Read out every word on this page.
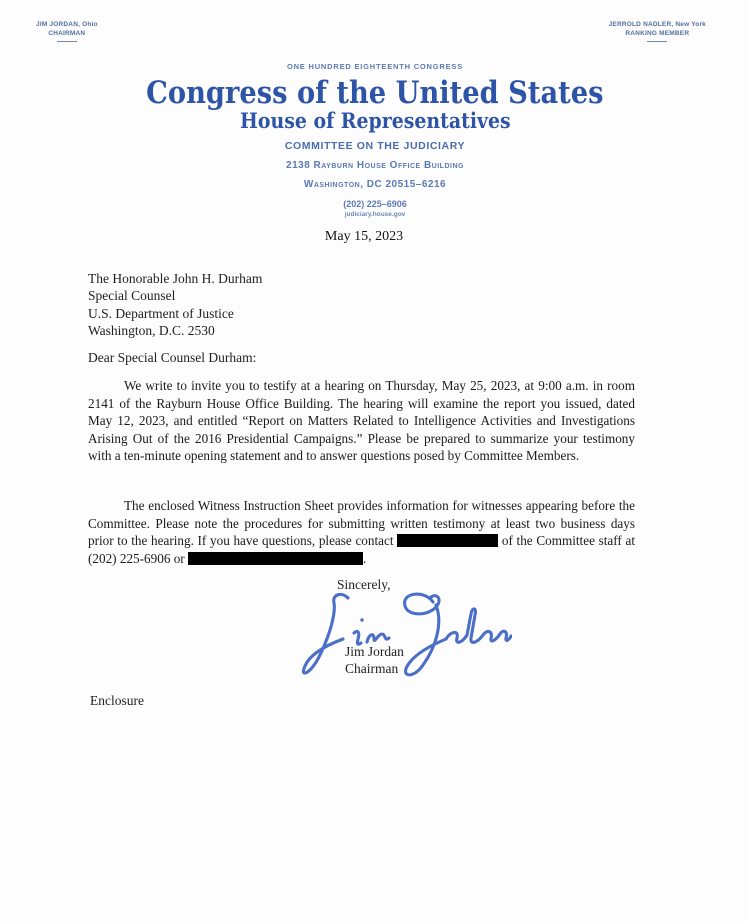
JIM JORDAN, Ohio
CHAIRMAN
JERROLD NADLER, New York
RANKING MEMBER
ONE HUNDRED EIGHTEENTH CONGRESS
Congress of the United States
House of Representatives
COMMITTEE ON THE JUDICIARY
2138 Rayburn House Office Building
Washington, DC 20515–6216
(202) 225–6906
judiciary.house.gov
May 15, 2023
The Honorable John H. Durham
Special Counsel
U.S. Department of Justice
Washington, D.C. 2530
Dear Special Counsel Durham:

We write to invite you to testify at a hearing on Thursday, May 25, 2023, at 9:00 a.m. in room 2141 of the Rayburn House Office Building. The hearing will examine the report you issued, dated May 12, 2023, and entitled “Report on Matters Related to Intelligence Activities and Investigations Arising Out of the 2016 Presidential Campaigns.” Please be prepared to summarize your testimony with a ten-minute opening statement and to answer questions posed by Committee Members.

The enclosed Witness Instruction Sheet provides information for witnesses appearing before the Committee. Please note the procedures for submitting written testimony at least two business days prior to the hearing. If you have questions, please contact	of the Committee staff at (202) 225-6906 or	.

Sincerely,
Jim Jordan
Chairman
Enclosure
